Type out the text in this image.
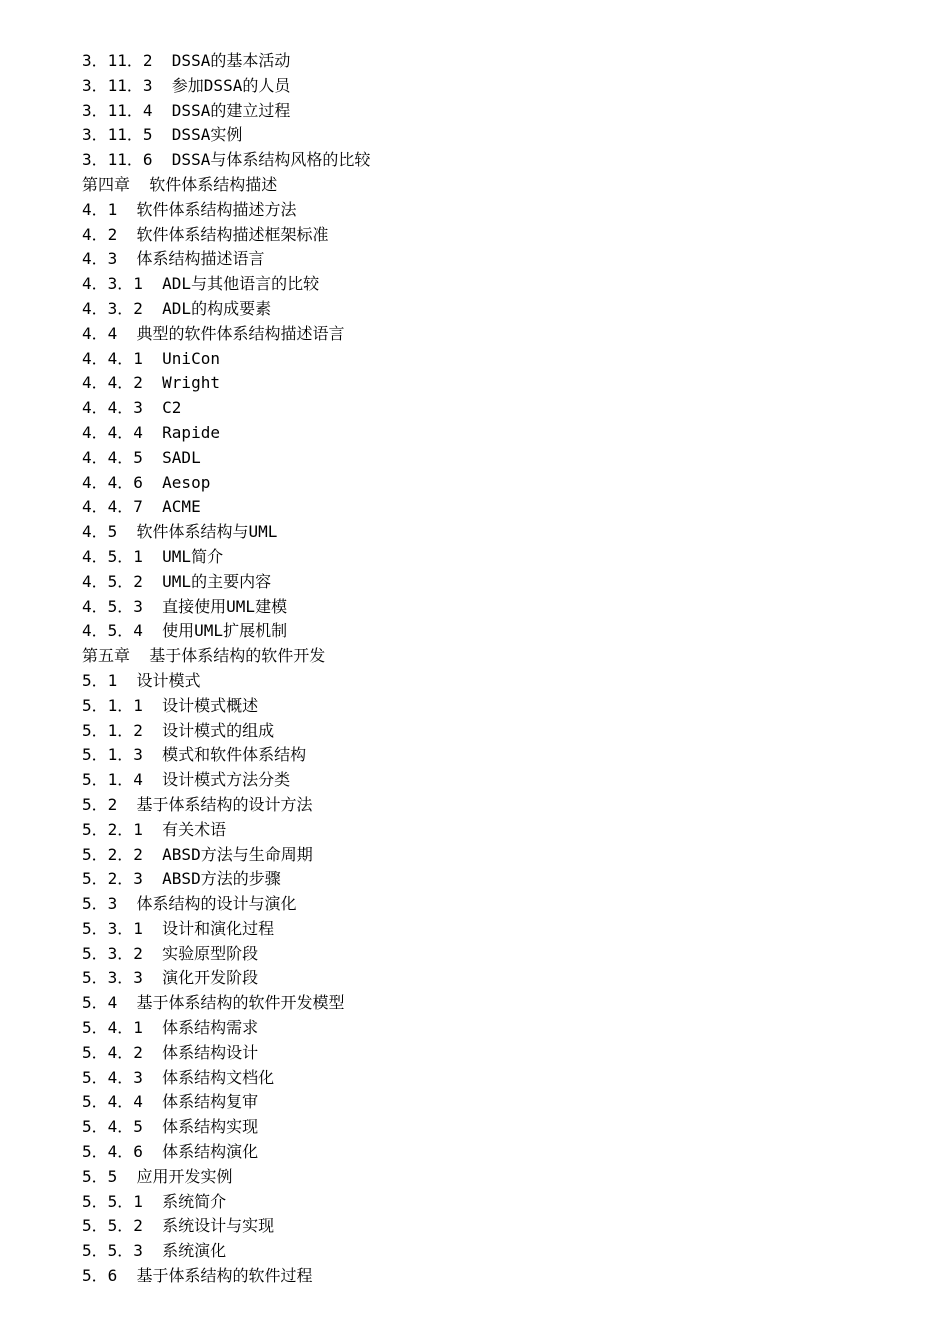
3．11．2  DSSA的基本活动
3．11．3  参加DSSA的人员
3．11．4  DSSA的建立过程
3．11．5  DSSA实例
3．11．6  DSSA与体系结构风格的比较
第四章  软件体系结构描述
4．1  软件体系结构描述方法
4．2  软件体系结构描述框架标准
4．3  体系结构描述语言
4．3．1  ADL与其他语言的比较
4．3．2  ADL的构成要素
4．4  典型的软件体系结构描述语言
4．4．1  UniCon
4．4．2  Wright
4．4．3  C2
4．4．4  Rapide
4．4．5  SADL
4．4．6  Aesop
4．4．7  ACME
4．5  软件体系结构与UML
4．5．1  UML简介
4．5．2  UML的主要内容
4．5．3  直接使用UML建模
4．5．4  使用UML扩展机制
第五章  基于体系结构的软件开发
5．1  设计模式
5．1．1  设计模式概述
5．1．2  设计模式的组成
5．1．3  模式和软件体系结构
5．1．4  设计模式方法分类
5．2  基于体系结构的设计方法
5．2．1  有关术语
5．2．2  ABSD方法与生命周期
5．2．3  ABSD方法的步骤
5．3  体系结构的设计与演化
5．3．1  设计和演化过程
5．3．2  实验原型阶段
5．3．3  演化开发阶段
5．4  基于体系结构的软件开发模型
5．4．1  体系结构需求
5．4．2  体系结构设计
5．4．3  体系结构文档化
5．4．4  体系结构复审
5．4．5  体系结构实现
5．4．6  体系结构演化
5．5  应用开发实例
5．5．1  系统简介
5．5．2  系统设计与实现
5．5．3  系统演化
5．6  基于体系结构的软件过程
